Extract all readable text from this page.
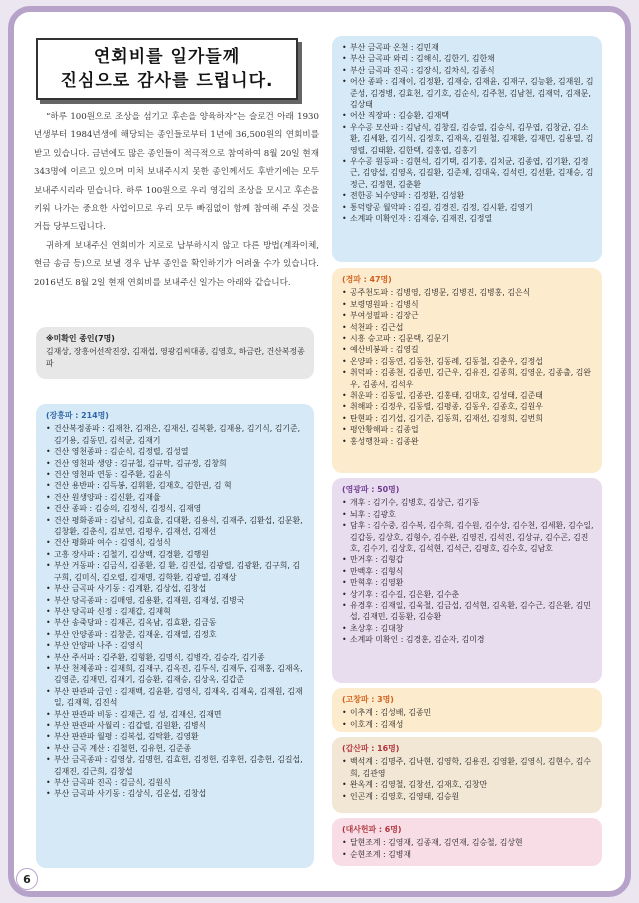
연회비를 일가들께
진심으로 감사를 드립니다.

“하루 100원으로 조상을 섬기고 후손을 양육하자”는 슬로건 아래 1930년생부터 1984년생에 해당되는 종인들로부터 1년에 36,500원의 연회비를 받고 있습니다. 금년에도 많은 종인들이 적극적으로 참여하여 8월 20일 현재 343명에 이르고 있으며 미처 보내주시지 못한 종인께서도 후반기에는 모두 보내주시리라 믿습니다. 하루 100원으로 우리 영김의 조상을 모시고 후손을 키워 나가는 중요한 사업이므로 우리 모두 빠짐없이 함께 참여해 주실 것을 거듭 당부드립니다.

귀하게 보내주신 연회비가 지로로 납부하시지 않고 다른 방법(계좌이체, 현금 송금 등)으로 보낼 경우 납부 종인을 확인하기가 어려울 수가 있습니다. 2016년도 8월 2일 현재 연회비를 보내주신 일가는 아래와 같습니다.

※미확인 종인(7명)
김재상, 장흥어선작진장, 김재섭, 영광김씨대종, 김영호, 하금란, 건산복정종파
(장흥파 : 214명)
• 건산복정종파 : 김재찬, 김재은, 김재신, 김복환, 김재용, 김기식, 김기준, 김기용, 김동민, 김석균, 김재기
• 건산 영천종파 : 김순식, 김정렬, 김성열
• 건산 영천파 생양 : 김규철, 김규탁, 김규정, 김창희
• 건산 영천파 연동 : 김주환, 김윤식
• 건산 용반파 : 김득봉, 김휘환, 김재호, 김한권, 김 혁
• 건산 원생양파 : 김신환, 김재율
• 건산 종파 : 김승의, 김정식, 김정식, 김재영
• 건산 평화종파 : 김남식, 김효율, 김대환, 김용식, 김재주, 김환섭, 김문환, 김창환, 김춘식, 김보연, 김평우, 김재선, 김재선
• 건산 평화파 여수 : 김영식, 김성식
• 고흥 장사파 : 김철기, 김상백, 김경환, 김행원
• 부산 거동파 : 김금식, 김종환, 김 환, 김진섭, 김광렬, 김광환, 김구희, 김구희, 김미식, 김오렬, 김재명, 김학환, 김광열, 김재상
• 부산 금곡파 사기동 : 김계환, 김상섭, 김창섭
• 부산 당곡종파 : 김매영, 김용환, 김재원, 김재성, 김병국
• 부산 당곡파 신정 : 김재갑, 김재혁
• 부산 송죽당파 : 김재곤, 김옥남, 김효환, 김금동
• 부산 안양종파 : 김창준, 김재윤, 김재열, 김정호
• 부산 안양파 나주 : 김영식
• 부산 주서파 : 김주환, 김형환, 김명식, 김병각, 김승각, 김기종
• 부산 천제종파 : 김재희, 김재구, 김옥진, 김두식, 김재두, 김재홍, 김재옥, 김영준, 김재민, 김재기, 김승환, 김재승, 김상옥, 김갑준
• 부산 판관파 금인 : 김재백, 김윤환, 김영식, 김재옥, 김재욱, 김재원, 김재일, 김재혁, 김진석
• 부산 판관파 비동 : 김재근, 김 성, 김재신, 김재면
• 부산 판관파 사월리 : 김갑렬, 김원환, 김병식
• 부산 판관파 월평 : 김복섭, 김탁환, 김영환
• 부산 금곡 계산 : 김철헌, 김유헌, 김준종
• 부산 금곡종파 : 김영상, 김명헌, 김효헌, 김정헌, 김후헌, 김총헌, 김길섭, 김재진, 김근희, 김창섭
• 부산 금곡파 진곡 : 김금식, 김원식
• 부산 금곡파 사기동 : 김상식, 김운섭, 김창섭
• 부산 금곡파 온천 : 김민재
• 부산 금곡파 와리 : 김해식, 김한기, 김한채
• 부산 금곡파 진곡 : 김장식, 김차식, 김종식
• 어산 종파 : 김재이, 김정환, 김재승, 김재윤, 김재구, 김능환, 김재원, 김준성, 김경병, 김효천, 김기호, 김순식, 김주천, 김남천, 김재덕, 김재문, 김상태
• 어산 직장파 : 김승환, 김재택
• 우수공 모산파 : 김남식, 김창길, 김승열, 김승식, 김무엽, 김창균, 김소환, 김세환, 김기식, 김정호, 김재옥, 김원철, 김재환, 김재민, 김용열, 김영렬, 김태환, 김한택, 김홍엽, 김홍기
• 우수공 원등파 : 김현석, 김기택, 김기홍, 김치균, 김종엽, 김기환, 김정근, 김양섭, 김영옥, 김길환, 김준채, 김대욱, 김석린, 김선환, 김재승, 김정근, 김정현, 김춘환
• 전한공 뇌수양파 : 김정환, 김성환
• 통덕랑공 월악파 : 김길, 김경진, 김정, 김시환, 김영기
• 소계파 미확인자 : 김재승, 김재진, 김정열
(경파 : 47명)
• 공주천도파 : 김병영, 김병문, 김병진, 김병홍, 김은식
• 보령명원파 : 김병식
• 부여성필파 : 김장근
• 석천파 : 김근섭
• 시흥 승고파 : 김문택, 김문기
• 예산비봉파 : 김영길
• 온양파 : 김동연, 김동찬, 김동례, 김동철, 김춘우, 김정섭
• 취덕파 : 김종천, 김종민, 김근우, 김유진, 김종희, 김영운, 김종출, 김완우, 김종서, 김석우
• 취운파 : 김동일, 김종관, 김홍태, 김대호, 김성태, 김준태
• 취해파 : 김정우, 김동렬, 김평종, 김동우, 김종호, 김원우
• 탄현파 : 김기섭, 김기준, 김동희, 김재선, 김정희, 김번희
• 평안황해파 : 김종업
• 홍성행찬파 : 김종완
(영광파 : 50명)
• 개후 : 김기수, 김병호, 김상근, 김기동
• 뇌후 : 김광호
• 담후 : 김수중, 김수복, 김수희, 김수원, 김수상, 김수천, 김세환, 김수일, 김갑동, 김상호, 김형수, 김수완, 김영진, 김석진, 김상규, 김수곤, 김진호, 김수기, 김상호, 김석현, 김석근, 김평호, 김수호, 김남호
• 만거후 : 김형갑
• 만백후 : 김형식
• 만혁후 : 김영환
• 상기후 : 김수길, 김은환, 김수춘
• 유경후 : 김재일, 김욱철, 김금섭, 김석현, 김옥환, 김수근, 김은환, 김민섭, 김재민, 김동환, 김승환
• 초상후 : 김대창
• 소계파 미확인 : 김경훈, 김순자, 김미경
(고창파 : 3명)
• 이추계 : 김성배, 김종민
• 이호계 : 김재성
(갑산파 : 16명)
• 백석계 : 김명주, 김낙현, 김영학, 김용진, 김영환, 김영식, 김현수, 김수희, 김관영
• 완옥계 : 김영철, 김창선, 김재호, 김창만
• 인곤계 : 김영호, 김영태, 김승원
(대사헌파 : 6명)
• 달현조계 : 김영재, 김종재, 김연재, 김승철, 김상현
• 순현조계 : 김병재
6
